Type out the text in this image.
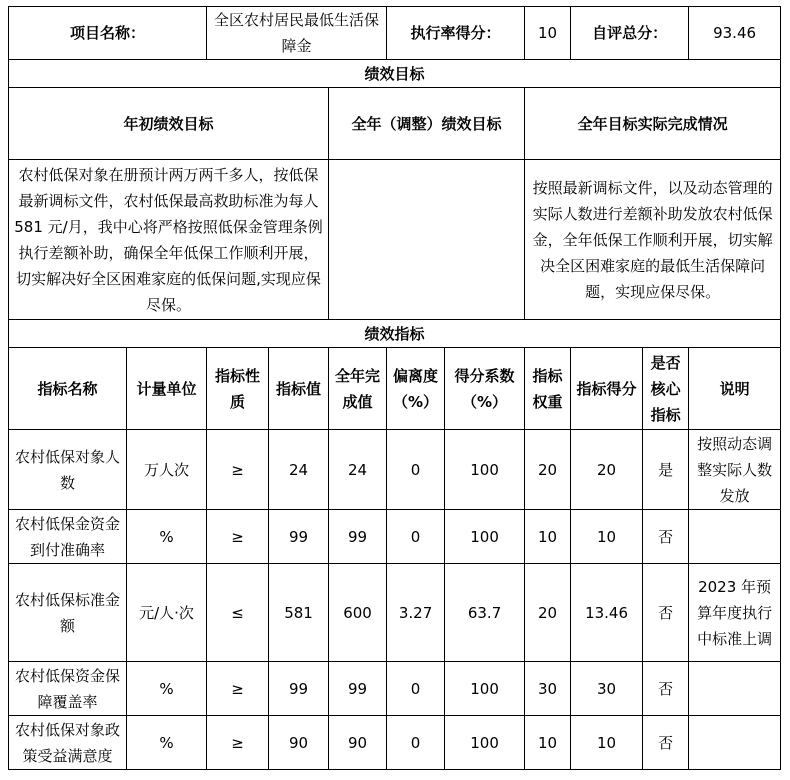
项目名称：		全区农村居民最低生活保障金			执行率得分：		10	自评总分：		93.46
绩效目标										
年初绩效目标				全年（调整）绩效目标			全年目标实际完成情况			
农村低保对象在册预计两万两千多人，按低保最新调标文件，农村低保最高救助标准为每人 581 元/月，我中心将严格按照低保金管理条例执行差额补助，确保全年低保工作顺利开展，切实解决好全区困难家庭的低保问题,实现应保尽保。							按照最新调标文件，以及动态管理的实际人数进行差额补助发放农村低保金，全年低保工作顺利开展，切实解决全区困难家庭的最低生活保障问题，实现应保尽保。			
绩效指标										
指标名称	计量单位	指标性质	指标值	全年完成值	偏离度（%）	得分系数（%）	指标权重	指标得分	是否核心指标	说明
农村低保对象人数	万人次	≥	24	24	0	100	20	20	是	按照动态调整实际人数发放
农村低保金资金到付准确率	%	≥	99	99	0	100	10	10	否	
农村低保标准金额	元/人·次	≤	581	600	3.27	63.7	20	13.46	否	2023 年预算年度执行中标准上调
农村低保资金保障覆盖率	%	≥	99	99	0	100	30	30	否	
农村低保对象政策受益满意度	%	≥	90	90	0	100	10	10	否	
